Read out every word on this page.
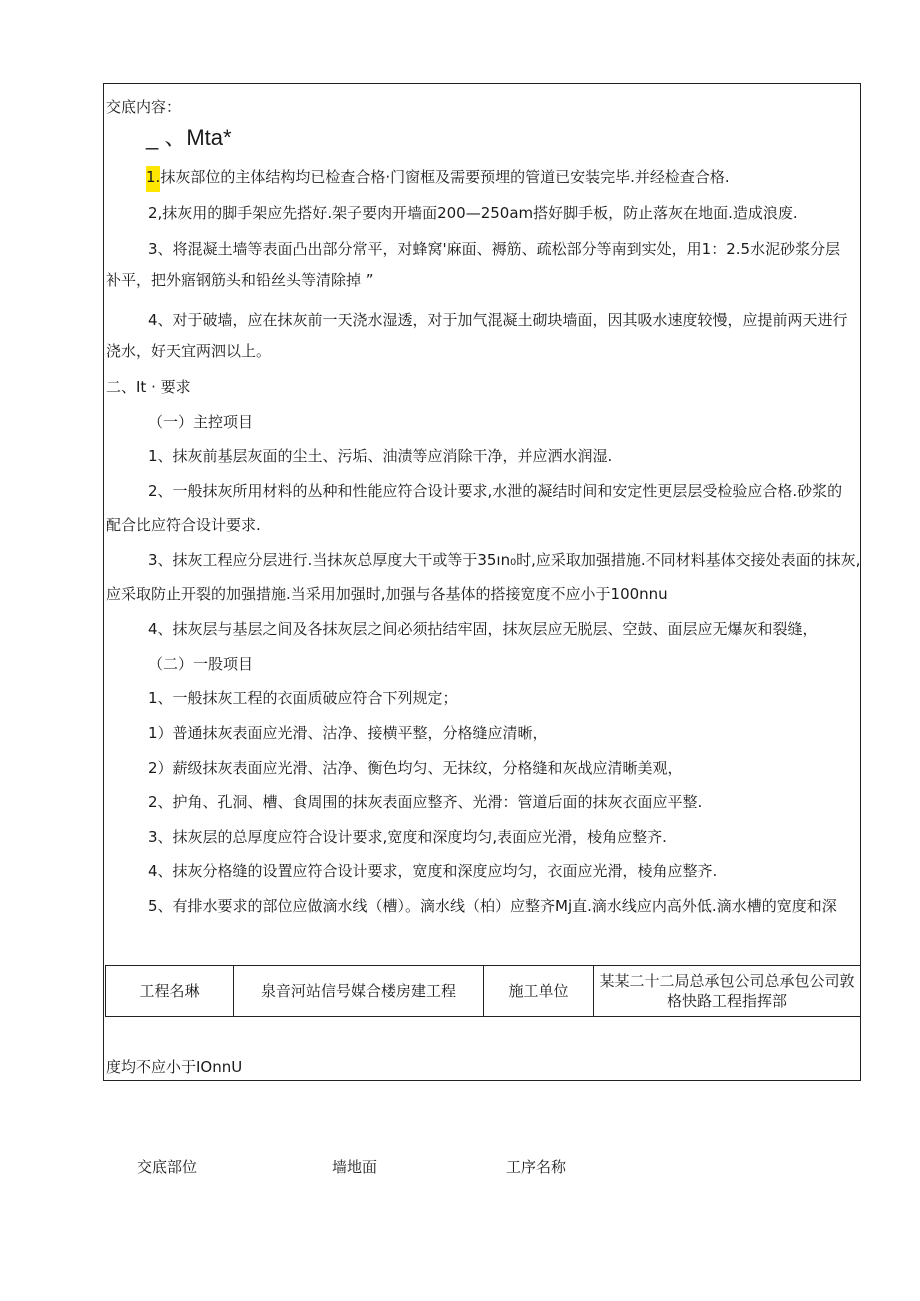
交底内容：
_ 、Mta*
1.抹灰部位的主体结构均已检查合格·门窗框及需要预埋的管道已安装完毕.并经检查合格.
2,抹灰用的脚手架应先搭好.架子要肉开墙面200—250am搭好脚手板，防止落灰在地面.造成浪废.
3、将混凝土墙等表面凸出部分常平，对蜂窝'麻面、褥筋、疏松部分等南到实处，用1：2.5水泥砂浆分层
补平，把外寤钢筋头和铅丝头等清除掉 ”
4、对于破墙，应在抹灰前一天浇水湿透，对于加气混凝土砌块墙面，因其吸水速度较慢，应提前两天进行
浇水，好天宜两泗以上。
二、It · 要求
（一）主控项目
1、抹灰前基层灰面的尘土、污垢、油渍等应消除干净，并应洒水润湿.
2、一般抹灰所用材料的丛种和性能应符合设计要求,水泄的凝结时间和安定性更层层受检验应合格.砂浆的
配合比应符合设计要求.
3、抹灰工程应分层进行.当抹灰总厚度大干或等于35ın₀时,应采取加强措施.不同材料基体交接处表面的抹灰,
应采取防止开裂的加强措施.当采用加强时,加强与各基体的搭接宽度不应小于100nnu
4、抹灰层与基层之间及各抹灰层之间必须拈结牢固，抹灰层应无脱层、空鼓、面层应无爆灰和裂缝，
（二）一股项目
1、一般抹灰工程的衣面质破应符合下列规定；
1）普通抹灰表面应光滑、沽净、接横平整，分格缝应清晰，
2）薪级抹灰表面应光滑、沽净、衡色均匀、无抹纹，分格缝和灰战应清晰美观，
2、护角、孔洞、槽、食周围的抹灰表面应整齐、光滑：管道后面的抹灰衣面应平整.
3、抹灰层的总厚度应符合设计要求,宽度和深度均匀,表面应光滑，棱角应整齐.
4、抹灰分格缝的设置应符合设计要求，宽度和深度应均匀，衣面应光滑，棱角应整齐.
5、有排水要求的部位应做滴水线（槽）。滴水线（柏）应整齐Mj直.滴水线应内高外低.滴水槽的宽度和深
工程名琳	泉音河站信号媒合楼房建工程	施工单位	
某某二十二局总承包公司总承包公司敦
格快路工程指挥部
度均不应小于IOnnU
交底部位	墙地面	工序名称
